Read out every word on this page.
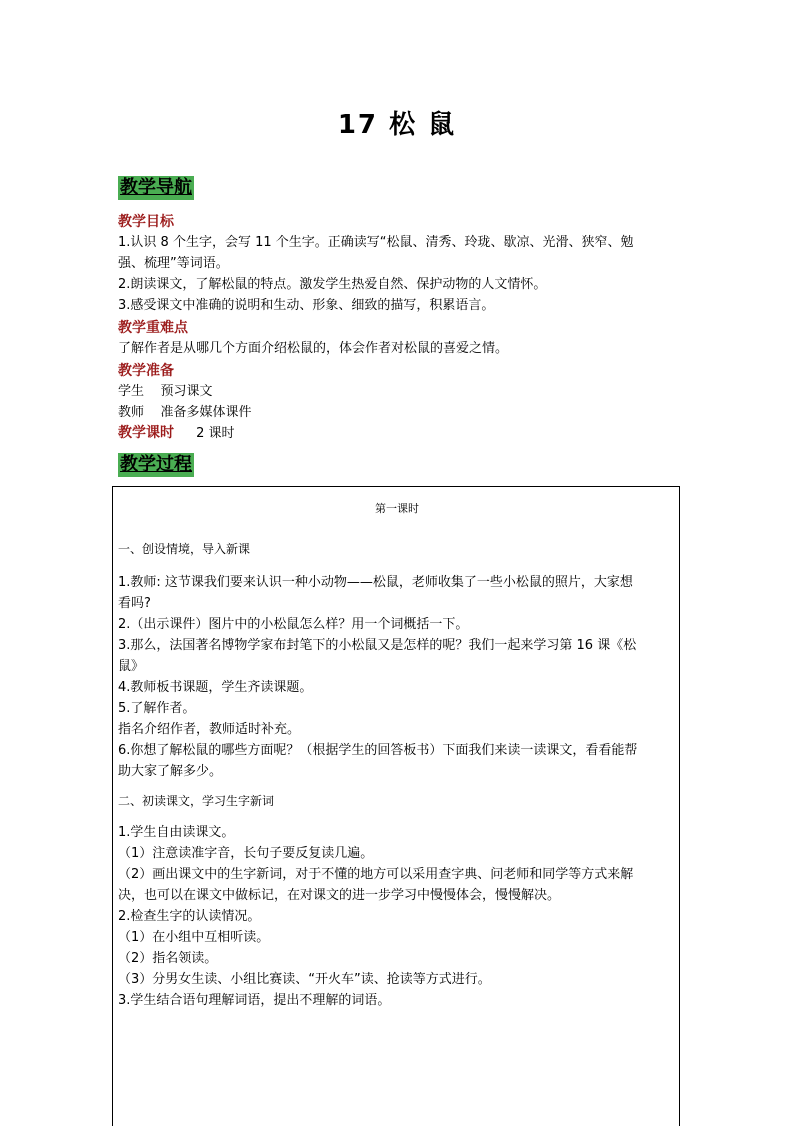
17 松 鼠
教学导航
教学目标
1.认识 8 个生字，会写 11 个生字。正确读写“松鼠、清秀、玲珑、歇凉、光滑、狭窄、勉
强、梳理”等词语。
2.朗读课文，了解松鼠的特点。激发学生热爱自然、保护动物的人文情怀。
3.感受课文中准确的说明和生动、形象、细致的描写，积累语言。
教学重难点
了解作者是从哪几个方面介绍松鼠的，体会作者对松鼠的喜爱之情。
教学准备
学生    预习课文
教师    准备多媒体课件
教学课时 2 课时
教学过程
第一课时
一、创设情境，导入新课
1.教师: 这节课我们要来认识一种小动物——松鼠，老师收集了一些小松鼠的照片，大家想
看吗?
2.（出示课件）图片中的小松鼠怎么样？用一个词概括一下。
3.那么，法国著名博物学家布封笔下的小松鼠又是怎样的呢？我们一起来学习第 16 课《松
鼠》
4.教师板书课题，学生齐读课题。
5.了解作者。
指名介绍作者，教师适时补充。
6.你想了解松鼠的哪些方面呢？（根据学生的回答板书）下面我们来读一读课文，看看能帮
助大家了解多少。
二、初读课文，学习生字新词
1.学生自由读课文。
（1）注意读准字音，长句子要反复读几遍。
（2）画出课文中的生字新词，对于不懂的地方可以采用查字典、问老师和同学等方式来解
决，也可以在课文中做标记，在对课文的进一步学习中慢慢体会，慢慢解决。
2.检查生字的认读情况。
（1）在小组中互相听读。
（2）指名领读。
（3）分男女生读、小组比赛读、“开火车”读、抢读等方式进行。
3.学生结合语句理解词语，提出不理解的词语。
